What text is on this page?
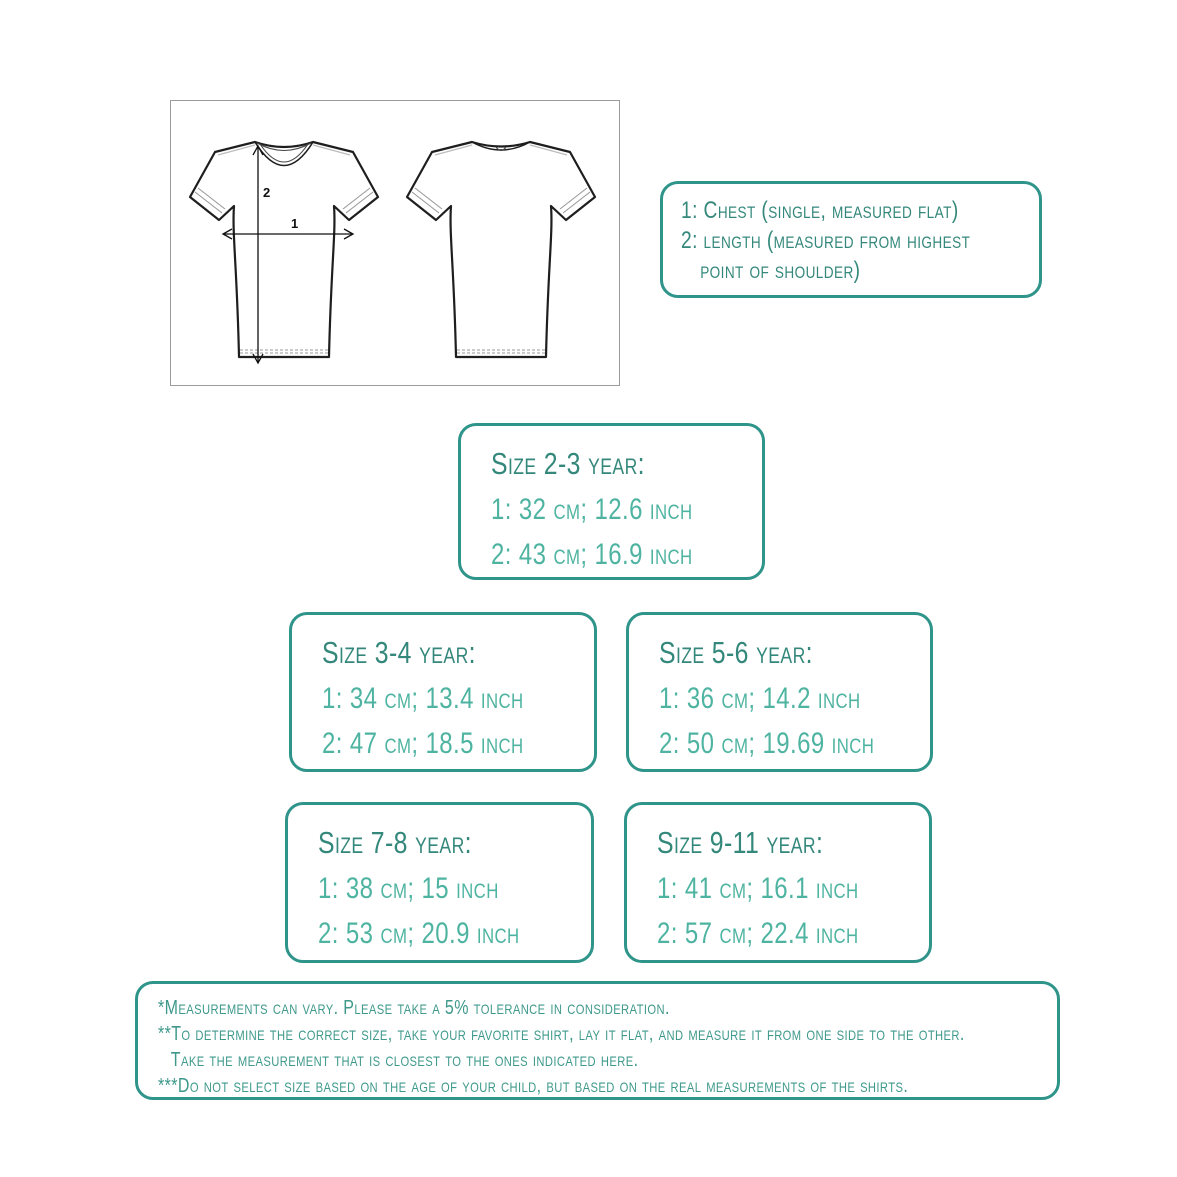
2
1	1: Chest (single, measured flat)
2: length (measured from highest
point of shoulder)
Size 2-3 year:
1: 32 cm; 12.6 inch
2: 43 cm; 16.9 inch
Size 3-4 year:
1: 34 cm; 13.4 inch
2: 47 cm; 18.5 inch
Size 5-6 year:
1: 36 cm; 14.2 inch
2: 50 cm; 19.69 inch
Size 7-8 year:
1: 38 cm; 15 inch
2: 53 cm; 20.9 inch
Size 9-11 year:
1: 41 cm; 16.1 inch
2: 57 cm; 22.4 inch
*Measurements can vary. Please take a 5% tolerance in consideration.
**To determine the correct size, take your favorite shirt, lay it flat, and measure it from one side to the other.
Take the measurement that is closest to the ones indicated here.
***Do not select size based on the age of your child, but based on the real measurements of the shirts.
